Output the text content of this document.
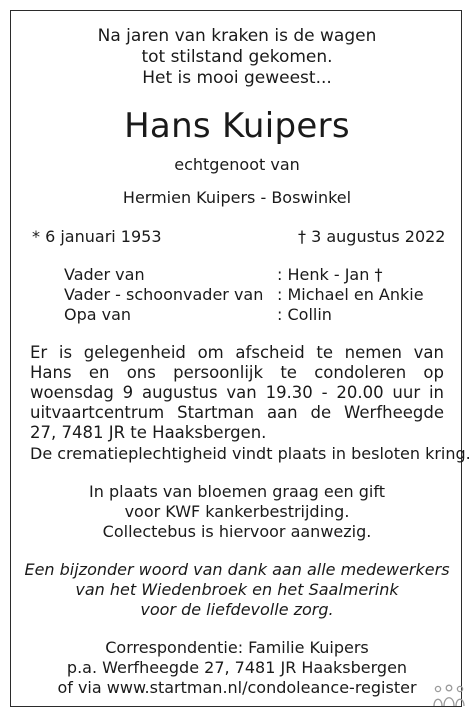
Na jaren van kraken is de wagen
tot stilstand gekomen.
Het is mooi geweest...
Hans Kuipers
echtgenoot van
Hermien Kuipers - Boswinkel
* 6 januari 1953	† 3 augustus 2022
Vader van	: Henk - Jan †
Vader - schoonvader van : Michael en Ankie
Opa van	: Collin
Er is gelegenheid om afscheid te nemen van Hans en ons persoonlijk te condoleren op woensdag 9 augustus van 19.30 - 20.00 uur in uitvaartcentrum Startman aan de Werfheegde 27, 7481 JR te Haaksbergen.
De crematieplechtigheid vindt plaats in besloten kring.
In plaats van bloemen graag een gift
voor KWF kankerbestrijding.
Collectebus is hiervoor aanwezig.
Een bijzonder woord van dank aan alle medewerkers
van het Wiedenbroek en het Saalmerink
voor de liefdevolle zorg.
Correspondentie: Familie Kuipers
p.a. Werfheegde 27, 7481 JR Haaksbergen
of via www.startman.nl/condoleance-register
